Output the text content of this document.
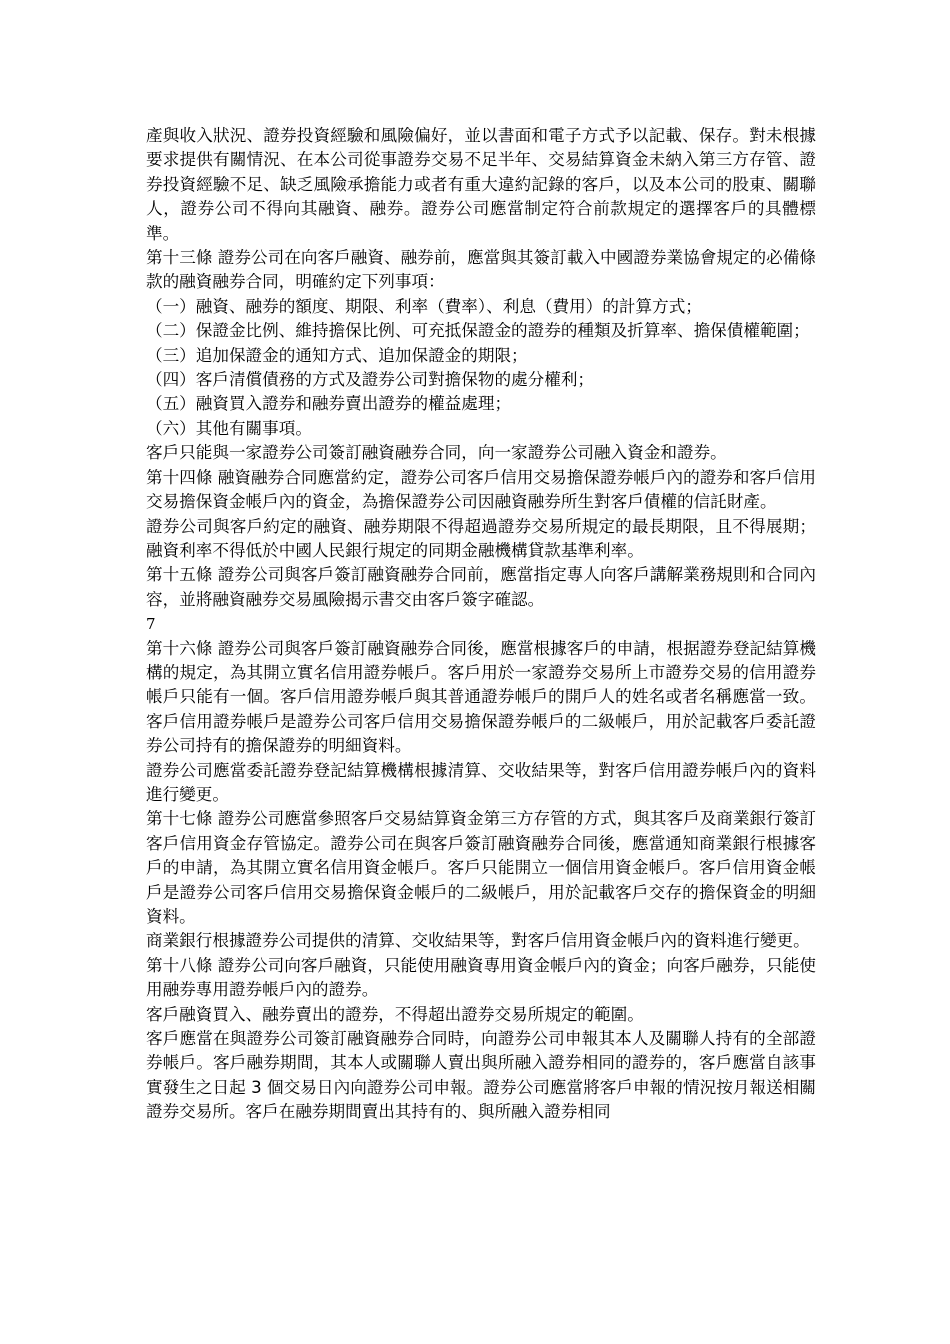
產與收入狀況、證券投資經驗和風險偏好，並以書面和電子方式予以記載、保存。對未根據要求提供有關情況、在本公司從事證券交易不足半年、交易結算資金未納入第三方存管、證券投資經驗不足、缺乏風險承擔能力或者有重大違約記錄的客戶，以及本公司的股東、關聯人，證券公司不得向其融資、融券。證券公司應當制定符合前款規定的選擇客戶的具體標準。

第十三條 證券公司在向客戶融資、融券前，應當與其簽訂載入中國證券業協會規定的必備條款的融資融券合同，明確約定下列事項：

（一）融資、融券的額度、期限、利率（費率）、利息（費用）的計算方式；

（二）保證金比例、維持擔保比例、可充抵保證金的證券的種類及折算率、擔保債權範圍；

（三）追加保證金的通知方式、追加保證金的期限；

（四）客戶清償債務的方式及證券公司對擔保物的處分權利；

（五）融資買入證券和融券賣出證券的權益處理；

（六）其他有關事項。

客戶只能與一家證券公司簽訂融資融券合同，向一家證券公司融入資金和證券。

第十四條 融資融券合同應當約定，證券公司客戶信用交易擔保證券帳戶內的證券和客戶信用交易擔保資金帳戶內的資金，為擔保證券公司因融資融券所生對客戶債權的信託財產。

證券公司與客戶約定的融資、融券期限不得超過證券交易所規定的最長期限，且不得展期；融資利率不得低於中國人民銀行規定的同期金融機構貸款基準利率。

第十五條 證券公司與客戶簽訂融資融券合同前，應當指定專人向客戶講解業務規則和合同內容，並將融資融券交易風險揭示書交由客戶簽字確認。

7

第十六條 證券公司與客戶簽訂融資融券合同後，應當根據客戶的申請，根据證券登記結算機構的規定，為其開立實名信用證券帳戶。客戶用於一家證券交易所上市證券交易的信用證券帳戶只能有一個。客戶信用證券帳戶與其普通證券帳戶的開戶人的姓名或者名稱應當一致。客戶信用證券帳戶是證券公司客戶信用交易擔保證券帳戶的二級帳戶，用於記載客戶委託證券公司持有的擔保證券的明細資料。

證券公司應當委託證券登記結算機構根據清算、交收結果等，對客戶信用證券帳戶內的資料進行變更。

第十七條 證券公司應當參照客戶交易結算資金第三方存管的方式，與其客戶及商業銀行簽訂客戶信用資金存管協定。證券公司在與客戶簽訂融資融券合同後，應當通知商業銀行根據客戶的申請，為其開立實名信用資金帳戶。客戶只能開立一個信用資金帳戶。客戶信用資金帳戶是證券公司客戶信用交易擔保資金帳戶的二級帳戶，用於記載客戶交存的擔保資金的明細資料。

商業銀行根據證券公司提供的清算、交收結果等，對客戶信用資金帳戶內的資料進行變更。

第十八條 證券公司向客戶融資，只能使用融資專用資金帳戶內的資金；向客戶融券，只能使用融券專用證券帳戶內的證券。

客戶融資買入、融券賣出的證券，不得超出證券交易所規定的範圍。

客戶應當在與證券公司簽訂融資融券合同時，向證券公司申報其本人及關聯人持有的全部證券帳戶。客戶融券期間，其本人或關聯人賣出與所融入證券相同的證券的，客戶應當自該事實發生之日起 3 個交易日內向證券公司申報。證券公司應當將客戶申報的情況按月報送相關證券交易所。客戶在融券期間賣出其持有的、與所融入證券相同
